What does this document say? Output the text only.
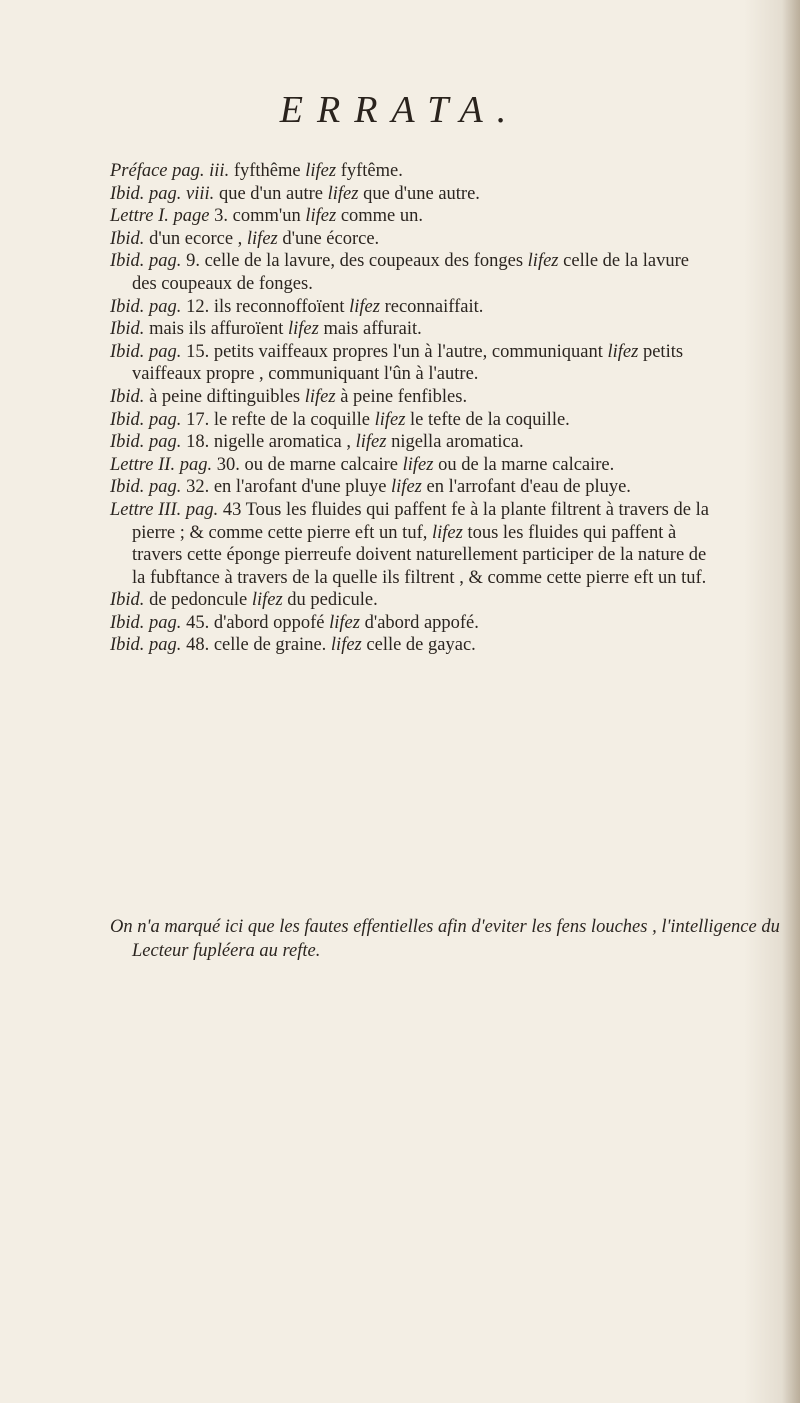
ERRATA.

Préface pag. iii. fyfthême lifez fyftême.

Ibid. pag. viii. que d'un autre lifez que d'une autre.

Lettre I. page 3. comm'un lifez comme un.

Ibid. d'un ecorce , lifez d'une écorce.

Ibid. pag. 9. celle de la lavure, des coupeaux des fonges lifez celle de la lavure des coupeaux de fonges.

Ibid. pag. 12. ils reconnoffoïent lifez reconnaiffait.

Ibid. mais ils affuroïent lifez mais affurait.

Ibid. pag. 15. petits vaiffeaux propres l'un à l'autre, communiquant lifez petits vaiffeaux propre , communiquant l'ûn à l'autre.

Ibid. à peine diftinguibles lifez à peine fenfibles.

Ibid. pag. 17. le refte de la coquille lifez le tefte de la coquille.

Ibid. pag. 18. nigelle aromatica , lifez nigella aromatica.

Lettre II. pag. 30. ou de marne calcaire lifez ou de la marne calcaire.

Ibid. pag. 32. en l'arofant d'une pluye lifez en l'arrofant d'eau de pluye.

Lettre III. pag. 43 Tous les fluides qui paffent fe à la plante filtrent à travers de la pierre ; & comme cette pierre eft un tuf, lifez tous les fluides qui paffent à travers cette éponge pierreufe doivent naturellement participer de la nature de la fubftance à travers de la quelle ils filtrent , & comme cette pierre eft un tuf.

Ibid. de pedoncule lifez du pedicule.

Ibid. pag. 45. d'abord oppofé lifez d'abord appofé.

Ibid. pag. 48. celle de graine. lifez celle de gayac.

On n'a marqué ici que les fautes effentielles afin d'eviter les fens louches , l'intelligence du Lecteur fupléera au refte.
